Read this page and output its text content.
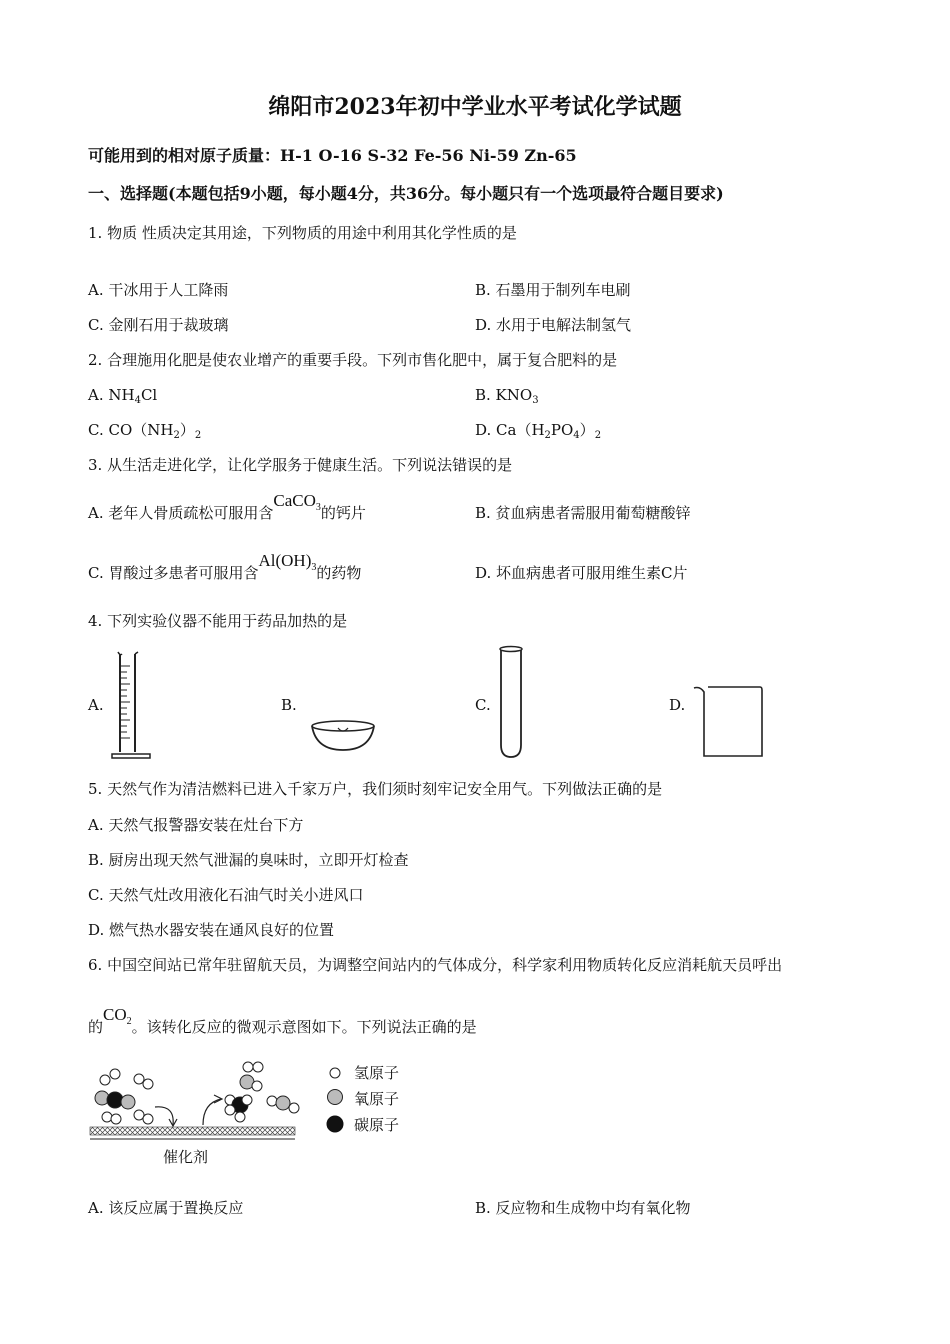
绵阳市2023年初中学业水平考试化学试题
可能用到的相对原子质量：H-1 O-16 S-32 Fe-56 Ni-59 Zn-65
一、选择题(本题包括9小题，每小题4分，共36分。每小题只有一个选项最符合题目要求)
1. 物质 性质决定其用途，下列物质的用途中利用其化学性质的是
A. 干冰用于人工降雨	B. 石墨用于制列车电刷
C. 金刚石用于裁玻璃	D. 水用于电解法制氢气
2. 合理施用化肥是使农业增产的重要手段。下列市售化肥中，属于复合肥料的是
A. $NH_4Cl$	B. $KNO_3$
C. $CO(NH_2)_2$	D. $Ca(H_2PO_4)_2$
3. 从生活走进化学，让化学服务于健康生活。下列说法错误的是
A. 老年人骨质疏松可服用含CaCO$_3$的钙片	B. 贫血病患者需服用葡萄糖酸锌
C. 胃酸过多患者可服用含$Al(OH)_3$的药物	D. 坏血病患者可服用维生素C片
4. 下列实验仪器不能用于药品加热的是
A.	B.	C.	D.
5. 天然气作为清洁燃料已进入千家万户，我们须时刻牢记安全用气。下列做法正确的是
A. 天然气报警器安装在灶台下方
B. 厨房出现天然气泄漏的臭味时，立即开灯检查
C. 天然气灶改用液化石油气时关小进风口
D. 燃气热水器安装在通风良好的位置
6. 中国空间站已常年驻留航天员，为调整空间站内的气体成分，科学家利用物质转化反应消耗航天员呼出
的$CO_2$。该转化反应的微观示意图如下。下列说法正确的是
催化剂
氢原子
氧原子
碳原子
A. 该反应属于置换反应	B. 反应物和生成物中均有氧化物
